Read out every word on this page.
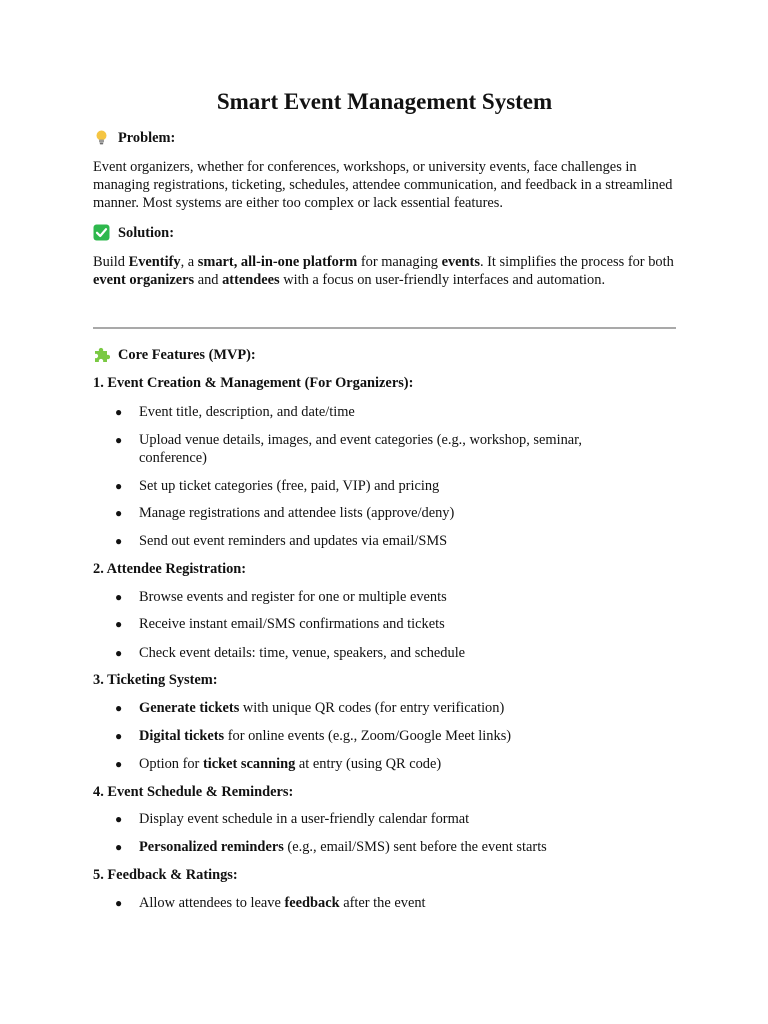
Smart Event Management System
Problem:

Event organizers, whether for conferences, workshops, or university events, face challenges in managing registrations, ticketing, schedules, attendee communication, and feedback in a streamlined manner. Most systems are either too complex or lack essential features.

Solution:

Build Eventify, a smart, all-in-one platform for managing events. It simplifies the process for both event organizers and attendees with a focus on user-friendly interfaces and automation.

Core Features (MVP):
1. Event Creation & Management (For Organizers):
● Event title, description, and date/time
● Upload venue details, images, and event categories (e.g., workshop, seminar, conference)
● Set up ticket categories (free, paid, VIP) and pricing
● Manage registrations and attendee lists (approve/deny)
● Send out event reminders and updates via email/SMS
2. Attendee Registration:
● Browse events and register for one or multiple events
● Receive instant email/SMS confirmations and tickets
● Check event details: time, venue, speakers, and schedule
3. Ticketing System:
● Generate tickets with unique QR codes (for entry verification)
● Digital tickets for online events (e.g., Zoom/Google Meet links)
● Option for ticket scanning at entry (using QR code)
4. Event Schedule & Reminders:
● Display event schedule in a user-friendly calendar format
● Personalized reminders (e.g., email/SMS) sent before the event starts
5. Feedback & Ratings:
● Allow attendees to leave feedback after the event
